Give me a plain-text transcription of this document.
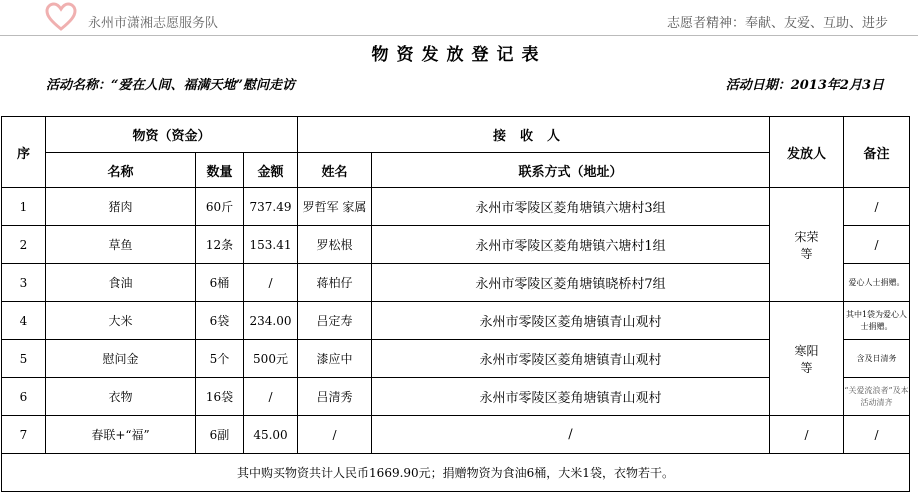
永州市潇湘志愿服务队	志愿者精神：奉献、友爱、互助、进步
物资发放登记表
活动名称：“爱在人间、福满天地”慰问走访	活动日期：2013年2月3日
序	物资（资金）			接收人		发放人	备注
	名称	数量	金额	姓名	联系方式（地址）		
1	猪肉	60斤	737.49	罗哲军 家属	永州市零陵区菱角塘镇六塘村3组	宋荣等	/
2	草鱼	12条	153.41	罗松根	永州市零陵区菱角塘镇六塘村1组		/
3	食油	6桶	/	蒋柏仔	永州市零陵区菱角塘镇晓桥村7组		爱心人士捐赠。
4	大米	6袋	234.00	吕定寿	永州市零陵区菱角塘镇青山观村	寒阳等	其中1袋为爱心人士捐赠。
5	慰问金	5个	500元	漆应中	永州市零陵区菱角塘镇青山观村		含及日清务
6	衣物	16袋	/	吕清秀	永州市零陵区菱角塘镇青山观村		“关爱流浪者”及本活动清齐
7	春联+“福”	6副	45.00	/	/	/	/
其中购买物资共计人民币1669.90元；捐赠物资为食油6桶，大米1袋，衣物若干。							
